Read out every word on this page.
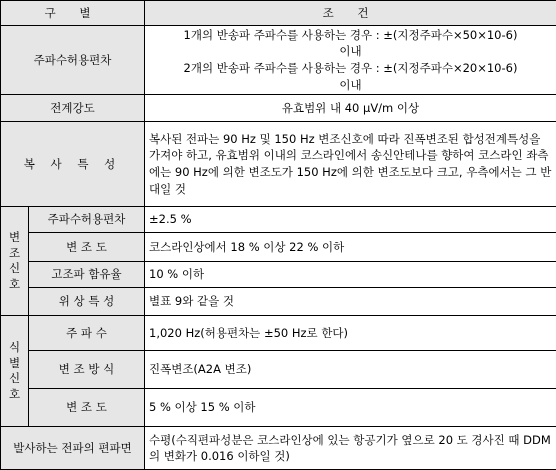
구 별		조 건
주파수허용편차		1개의 반송파 주파수를 사용하는 경우 : ±(지정주파수×50×10-6)
이내
2개의 반송파 주파수를 사용하는 경우 : ±(지정주파수×20×10-6)
이내

전계강도		유효범위 내 40 μV/m 이상
복 사 특 성		복사된 전파는 90 Hz 및 150 Hz 변조신호에 따라 진폭변조된 합성전계특성을 가져야 하고, 유효범위 이내의 코스라인에서 송신안테나를 향하여 코스라인 좌측에는 90 Hz에 의한 변조도가 150 Hz에 의한 변조도보다 크고, 우측에서는 그 반대일 것

변
조
신
호	주파수허용편차	±2.5 %
	변 조 도	코스라인상에서 18 % 이상 22 % 이하
	고조파 함유율	10 % 이하
	위 상 특 성	별표 9와 같을 것

식
별
신
호	주 파 수	1,020 Hz(허용편차는 ±50 Hz로 한다)
	변 조 방 식	진폭변조(A2A 변조)
	변 조 도	5 % 이상 15 % 이하
발사하는 전파의 편파면		수평(수직편파성분은 코스라인상에 있는 항공기가 옆으로 20 도 경사진 때 DDM의 변화가 0.016 이하일 것)
